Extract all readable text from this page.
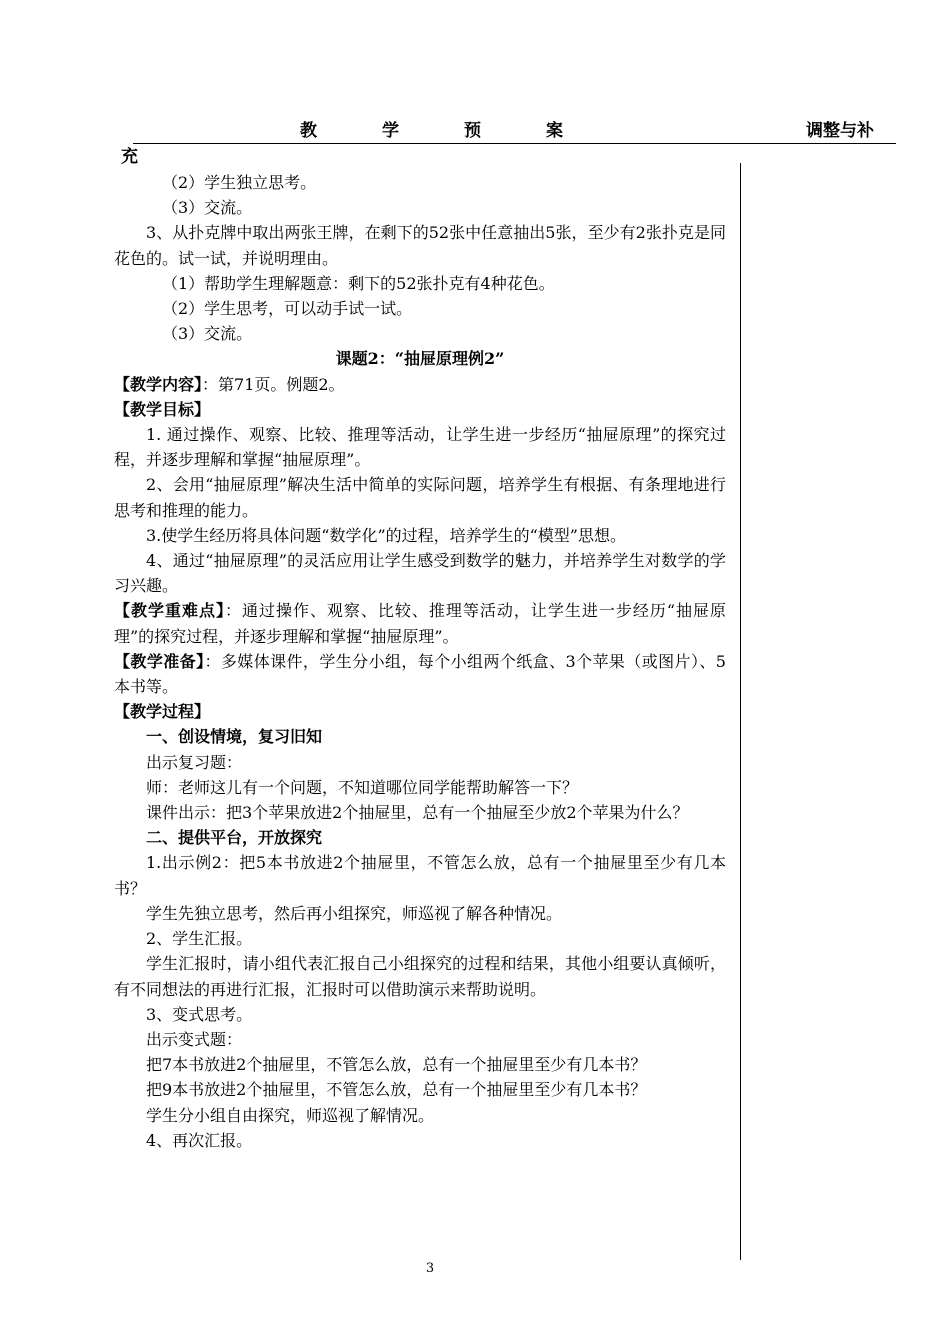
教	学	预	案	调整与补
充

（2）学生独立思考。

（3）交流。

3、从扑克牌中取出两张王牌，在剩下的52张中任意抽出5张，至少有2张扑克是同花色的。试一试，并说明理由。

（1）帮助学生理解题意：剩下的52张扑克有4种花色。

（2）学生思考，可以动手试一试。

（3）交流。

课题2：“抽屉原理例2”

【教学内容】：第71页。例题2。

【教学目标】

1. 通过操作、观察、比较、推理等活动，让学生进一步经历“抽屉原理”的探究过程，并逐步理解和掌握“抽屉原理”。

2、会用“抽屉原理”解决生活中简单的实际问题，培养学生有根据、有条理地进行思考和推理的能力。

3.使学生经历将具体问题“数学化”的过程，培养学生的“模型”思想。

4、通过“抽屉原理”的灵活应用让学生感受到数学的魅力，并培养学生对数学的学习兴趣。

【教学重难点】：通过操作、观察、比较、推理等活动，让学生进一步经历“抽屉原理”的探究过程，并逐步理解和掌握“抽屉原理”。

【教学准备】：多媒体课件，学生分小组，每个小组两个纸盒、3个苹果（或图片）、5本书等。

【教学过程】

一、创设情境，复习旧知

出示复习题：

师：老师这儿有一个问题，不知道哪位同学能帮助解答一下？

课件出示：把3个苹果放进2个抽屉里，总有一个抽屉至少放2个苹果为什么？

二、提供平台，开放探究

1.出示例2：把5本书放进2个抽屉里，不管怎么放，总有一个抽屉里至少有几本书？

学生先独立思考，然后再小组探究，师巡视了解各种情况。

2、学生汇报。

学生汇报时，请小组代表汇报自己小组探究的过程和结果，其他小组要认真倾听，有不同想法的再进行汇报，汇报时可以借助演示来帮助说明。

3、变式思考。

出示变式题：

把7本书放进2个抽屉里，不管怎么放，总有一个抽屉里至少有几本书？

把9本书放进2个抽屉里，不管怎么放，总有一个抽屉里至少有几本书？

学生分小组自由探究，师巡视了解情况。

4、再次汇报。

3
